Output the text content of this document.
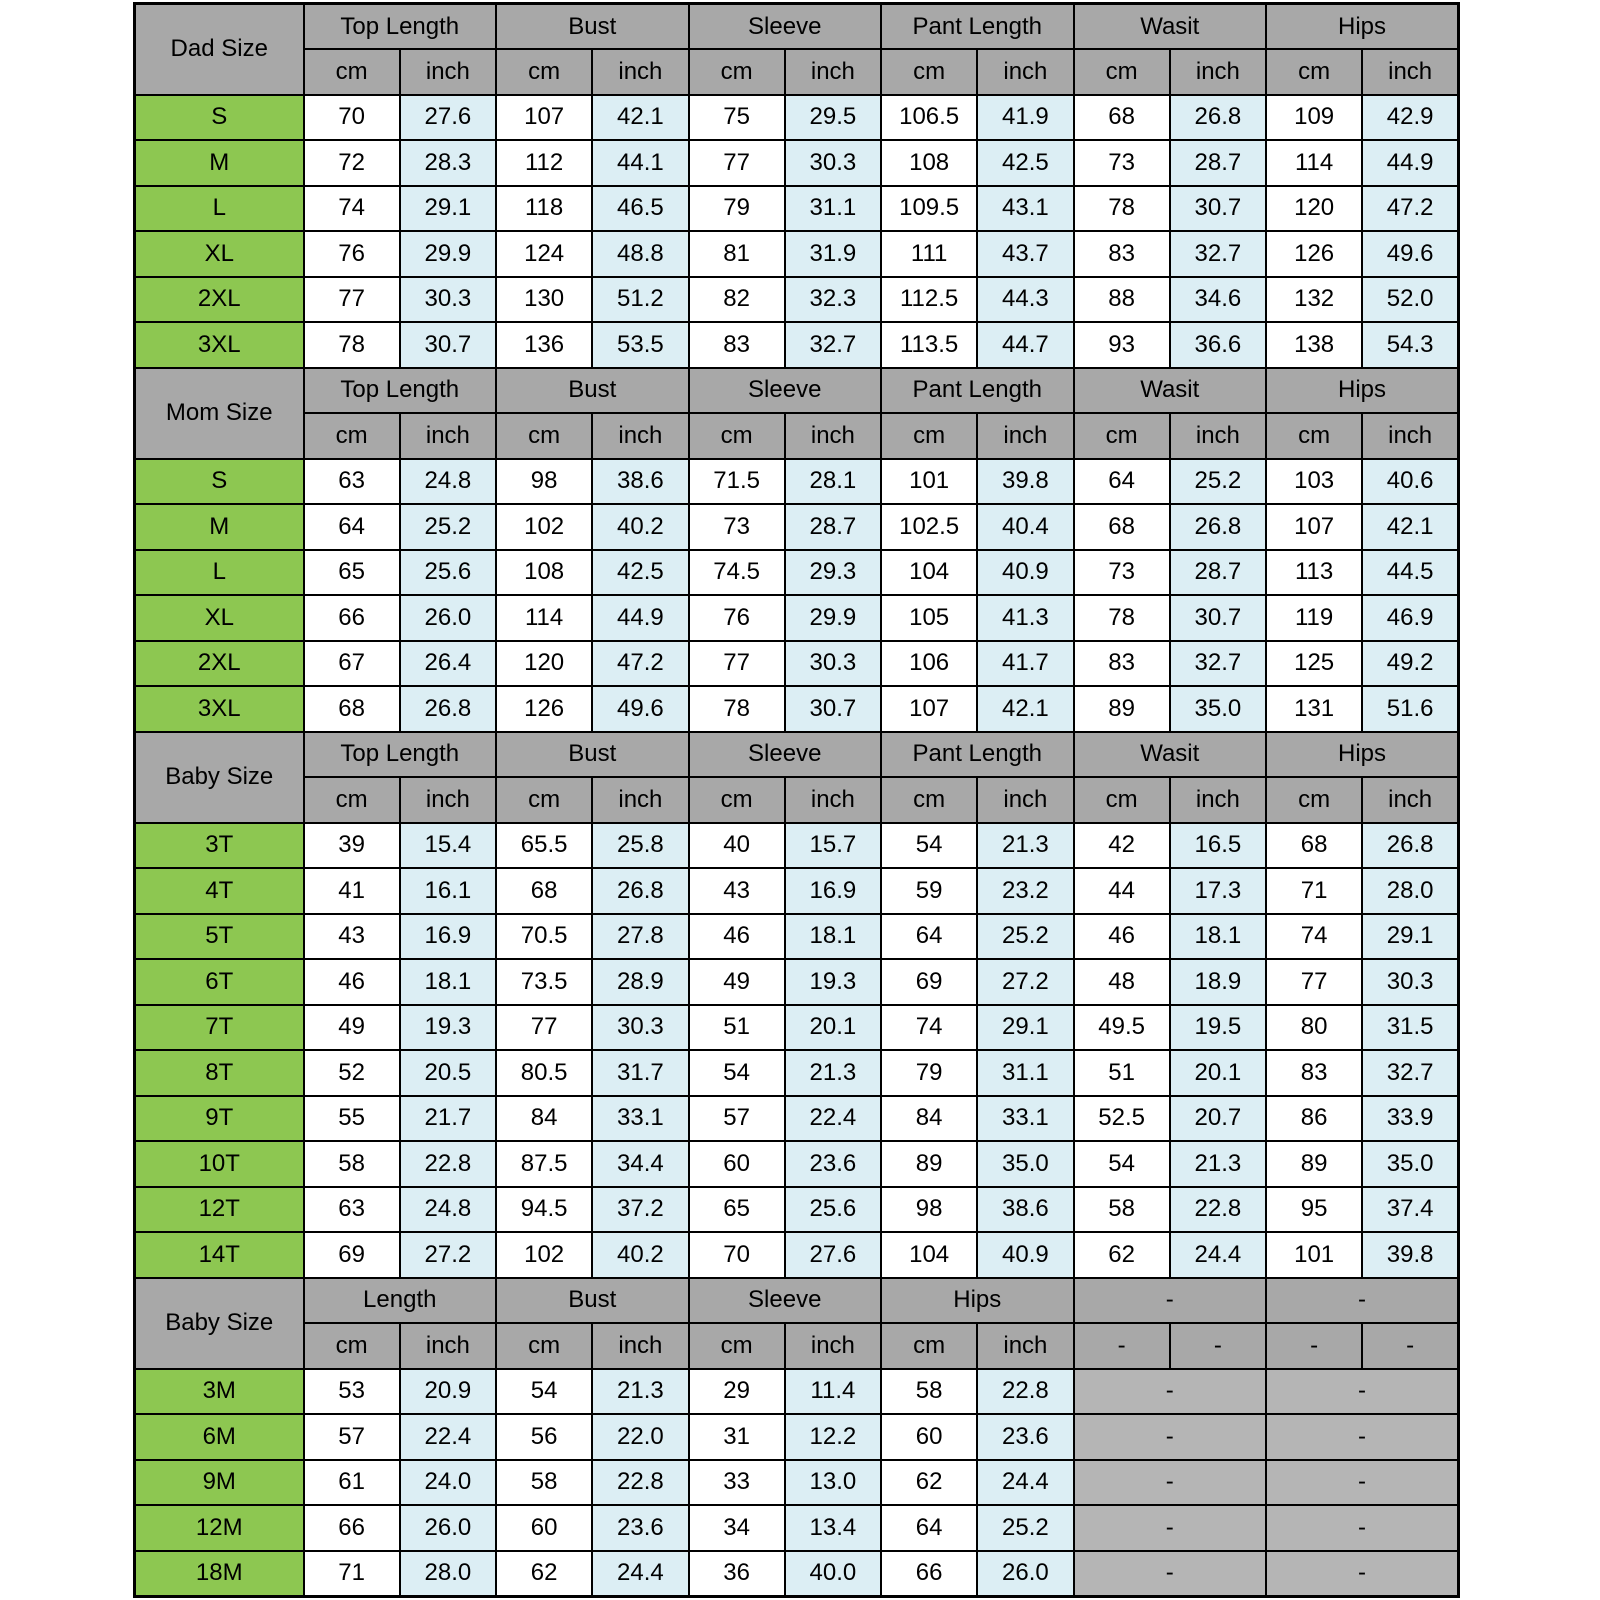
Dad Size	Top Length		Bust		Sleeve		Pant Length		Wasit		Hips	
	cm	inch	cm	inch	cm	inch	cm	inch	cm	inch	cm	inch
S	70	27.6	107	42.1	75	29.5	106.5	41.9	68	26.8	109	42.9
M	72	28.3	112	44.1	77	30.3	108	42.5	73	28.7	114	44.9
L	74	29.1	118	46.5	79	31.1	109.5	43.1	78	30.7	120	47.2
XL	76	29.9	124	48.8	81	31.9	111	43.7	83	32.7	126	49.6
2XL	77	30.3	130	51.2	82	32.3	112.5	44.3	88	34.6	132	52.0
3XL	78	30.7	136	53.5	83	32.7	113.5	44.7	93	36.6	138	54.3
Mom Size	Top Length		Bust		Sleeve		Pant Length		Wasit		Hips	
	cm	inch	cm	inch	cm	inch	cm	inch	cm	inch	cm	inch
S	63	24.8	98	38.6	71.5	28.1	101	39.8	64	25.2	103	40.6
M	64	25.2	102	40.2	73	28.7	102.5	40.4	68	26.8	107	42.1
L	65	25.6	108	42.5	74.5	29.3	104	40.9	73	28.7	113	44.5
XL	66	26.0	114	44.9	76	29.9	105	41.3	78	30.7	119	46.9
2XL	67	26.4	120	47.2	77	30.3	106	41.7	83	32.7	125	49.2
3XL	68	26.8	126	49.6	78	30.7	107	42.1	89	35.0	131	51.6
Baby Size	Top Length		Bust		Sleeve		Pant Length		Wasit		Hips	
	cm	inch	cm	inch	cm	inch	cm	inch	cm	inch	cm	inch
3T	39	15.4	65.5	25.8	40	15.7	54	21.3	42	16.5	68	26.8
4T	41	16.1	68	26.8	43	16.9	59	23.2	44	17.3	71	28.0
5T	43	16.9	70.5	27.8	46	18.1	64	25.2	46	18.1	74	29.1
6T	46	18.1	73.5	28.9	49	19.3	69	27.2	48	18.9	77	30.3
7T	49	19.3	77	30.3	51	20.1	74	29.1	49.5	19.5	80	31.5
8T	52	20.5	80.5	31.7	54	21.3	79	31.1	51	20.1	83	32.7
9T	55	21.7	84	33.1	57	22.4	84	33.1	52.5	20.7	86	33.9
10T	58	22.8	87.5	34.4	60	23.6	89	35.0	54	21.3	89	35.0
12T	63	24.8	94.5	37.2	65	25.6	98	38.6	58	22.8	95	37.4
14T	69	27.2	102	40.2	70	27.6	104	40.9	62	24.4	101	39.8
Baby Size	Length		Bust		Sleeve		Hips		-		-	
	cm	inch	cm	inch	cm	inch	cm	inch	-	-	-	-
3M	53	20.9	54	21.3	29	11.4	58	22.8	-		-	
6M	57	22.4	56	22.0	31	12.2	60	23.6	-		-	
9M	61	24.0	58	22.8	33	13.0	62	24.4	-		-	
12M	66	26.0	60	23.6	34	13.4	64	25.2	-		-	
18M	71	28.0	62	24.4	36	40.0	66	26.0	-		-	
